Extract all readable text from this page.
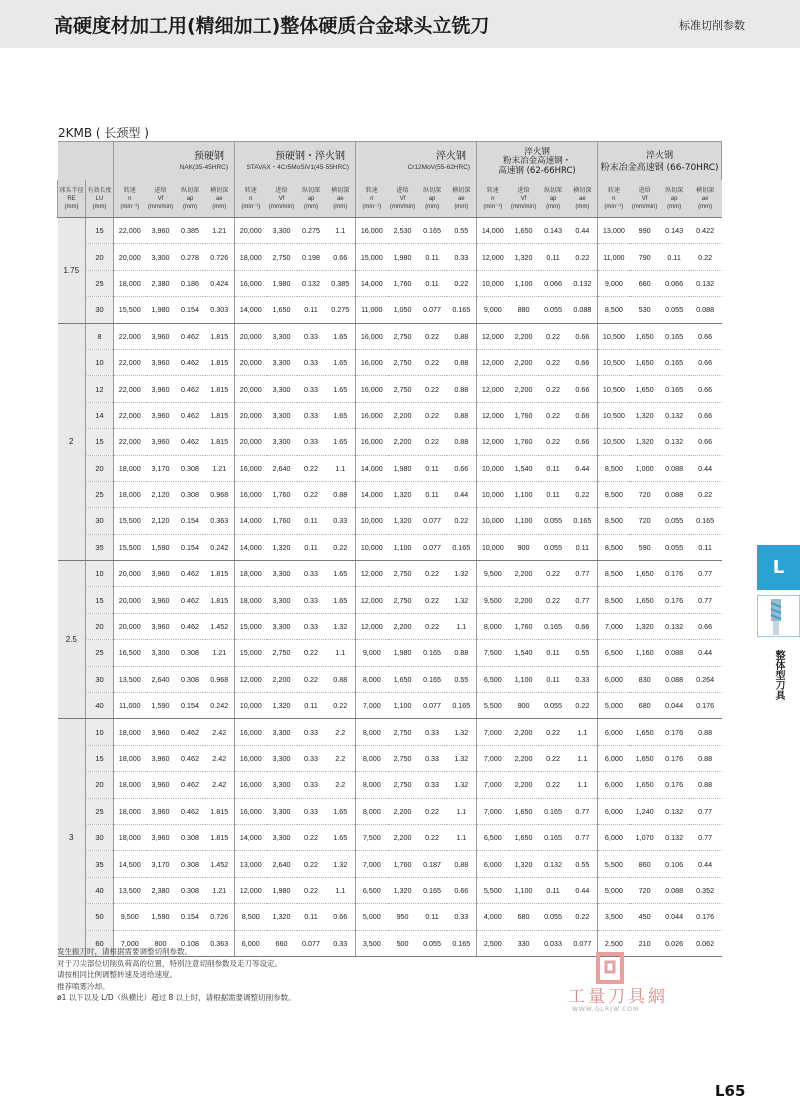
高硬度材加工用(精细加工)整体硬质合金球头立铣刀	标准切削参数
2KMB ( 长颈型 )

		预硬钢
NAK(35-45HRC)				预硬钢・淬火钢
STAVAX・4Cr5MoSiV1(45-55HRC)				淬火钢
Cr12MoV(55-62HRC)				淬火钢
粉末冶金高速钢・
高速钢 (62-66HRC)				淬火钢
粉末冶金高速钢 (66-70HRC)			

球头半径
RE
(mm)	有效长度
LU
(mm)	转速
n
(min⁻¹)	进给
Vf
(mm/min)	纵切深
ap
(mm)	横切深
ae
(mm)	转速
n
(min⁻¹)	进给
Vf
(mm/min)	纵切深
ap
(mm)	横切深
ae
(mm)	转速
n
(min⁻¹)	进给
Vf
(mm/min)	纵切深
ap
(mm)	横切深
ae
(mm)	转速
n
(min⁻¹)	进给
Vf
(mm/min)	纵切深
ap
(mm)	横切深
ae
(mm)	转速
n
(min⁻¹)	进给
Vf
(mm/min)	纵切深
ap
(mm)	横切深
ae
(mm)

1.75	15	22,000	3,960	0.385	1.21	20,000	3,300	0.275	1.1	16,000	2,530	0.165	0.55	14,000	1,650	0.143	0.44	13,000	990	0.143	0.422
	20	20,000	3,300	0.278	0.726	18,000	2,750	0.198	0.66	15,000	1,980	0.11	0.33	12,000	1,320	0.11	0.22	11,000	790	0.11	0.22
	25	18,000	2,380	0.186	0.424	16,000	1,980	0.132	0.385	14,000	1,760	0.11	0.22	10,000	1,100	0.066	0.132	9,000	660	0.066	0.132
	30	15,500	1,980	0.154	0.303	14,000	1,650	0.11	0.275	11,000	1,050	0.077	0.165	9,000	880	0.055	0.088	8,500	530	0.055	0.088
2	8	22,000	3,960	0.462	1.815	20,000	3,300	0.33	1.65	16,000	2,750	0.22	0.88	12,000	2,200	0.22	0.66	10,500	1,650	0.165	0.66
	10	22,000	3,960	0.462	1.815	20,000	3,300	0.33	1.65	16,000	2,750	0.22	0.88	12,000	2,200	0.22	0.66	10,500	1,650	0.165	0.66
	12	22,000	3,960	0.462	1.815	20,000	3,300	0.33	1.65	16,000	2,750	0.22	0.88	12,000	2,200	0.22	0.66	10,500	1,650	0.165	0.66
	14	22,000	3,960	0.462	1.815	20,000	3,300	0.33	1.65	16,000	2,200	0.22	0.88	12,000	1,760	0.22	0.66	10,500	1,320	0.132	0.66
	15	22,000	3,960	0.462	1.815	20,000	3,300	0.33	1.65	16,000	2,200	0.22	0.88	12,000	1,760	0.22	0.66	10,500	1,320	0.132	0.66
	20	18,000	3,170	0.308	1.21	16,000	2,640	0.22	1.1	14,000	1,980	0.11	0.66	10,000	1,540	0.11	0.44	8,500	1,000	0.088	0.44
	25	18,000	2,120	0.308	0.968	16,000	1,760	0.22	0.88	14,000	1,320	0.11	0.44	10,000	1,100	0.11	0.22	8,500	720	0.088	0.22
	30	15,500	2,120	0.154	0.363	14,000	1,760	0.11	0.33	10,000	1,320	0.077	0.22	10,000	1,100	0.055	0.165	8,500	720	0.055	0.165
	35	15,500	1,590	0.154	0.242	14,000	1,320	0.11	0.22	10,000	1,100	0.077	0.165	10,000	900	0.055	0.11	8,500	590	0.055	0.11
2.5	10	20,000	3,960	0.462	1.815	18,000	3,300	0.33	1.65	12,000	2,750	0.22	1.32	9,500	2,200	0.22	0.77	8,500	1,650	0.176	0.77
	15	20,000	3,960	0.462	1.815	18,000	3,300	0.33	1.65	12,000	2,750	0.22	1.32	9,500	2,200	0.22	0.77	8,500	1,650	0.176	0.77
	20	20,000	3,960	0.462	1.452	15,000	3,300	0.33	1.32	12,000	2,200	0.22	1.1	8,000	1,760	0.165	0.66	7,000	1,320	0.132	0.66
	25	16,500	3,300	0.308	1.21	15,000	2,750	0.22	1.1	9,000	1,980	0.165	0.88	7,500	1,540	0.11	0.55	6,500	1,160	0.088	0.44
	30	13,500	2,640	0.308	0.968	12,000	2,200	0.22	0.88	8,000	1,650	0.165	0.55	6,500	1,100	0.11	0.33	6,000	830	0.088	0.264
	40	11,000	1,590	0.154	0.242	10,000	1,320	0.11	0.22	7,000	1,100	0.077	0.165	5,500	900	0.055	0.22	5,000	680	0.044	0.176
3	10	18,000	3,960	0.462	2.42	16,000	3,300	0.33	2.2	8,000	2,750	0.33	1.32	7,000	2,200	0.22	1.1	6,000	1,650	0.176	0.88
	15	18,000	3,960	0.462	2.42	16,000	3,300	0.33	2.2	8,000	2,750	0.33	1.32	7,000	2,200	0.22	1.1	6,000	1,650	0.176	0.88
	20	18,000	3,960	0.462	2.42	16,000	3,300	0.33	2.2	8,000	2,750	0.33	1.32	7,000	2,200	0.22	1.1	6,000	1,650	0.176	0.88
	25	18,000	3,960	0.462	1.815	16,000	3,300	0.33	1.65	8,000	2,200	0.22	1.1	7,000	1,650	0.165	0.77	6,000	1,240	0.132	0.77
	30	18,000	3,960	0.308	1.815	14,000	3,300	0.22	1.65	7,500	2,200	0.22	1.1	6,500	1,650	0.165	0.77	6,000	1,070	0.132	0.77
	35	14,500	3,170	0.308	1.452	13,000	2,640	0.22	1.32	7,000	1,760	0.187	0.88	6,000	1,320	0.132	0.55	5,500	860	0.106	0.44
	40	13,500	2,380	0.308	1.21	12,000	1,980	0.22	1.1	6,500	1,320	0.165	0.66	5,500	1,100	0.11	0.44	5,000	720	0.088	0.352
	50	9,500	1,590	0.154	0.726	8,500	1,320	0.11	0.66	5,000	950	0.11	0.33	4,000	680	0.055	0.22	3,500	450	0.044	0.176
	60	7,000	800	0.108	0.363	6,000	660	0.077	0.33	3,500	500	0.055	0.165	2,500	330	0.033	0.077	2,500	210	0.026	0.062
发生振刀时，请根据需要调整切削参数。
对于刀尖部位切削负荷高的位置，特别注意切削参数及走刀等设定。
请按相同比例调整转速及进给速度。
推荐喷雾冷却。
ø1 以下以及 L/D（纵横比）超过 8 以上时，请根据需要调整切削参数。	工量刀具網
WWW.GLRJW.COM
L
整体型刀具
L65
